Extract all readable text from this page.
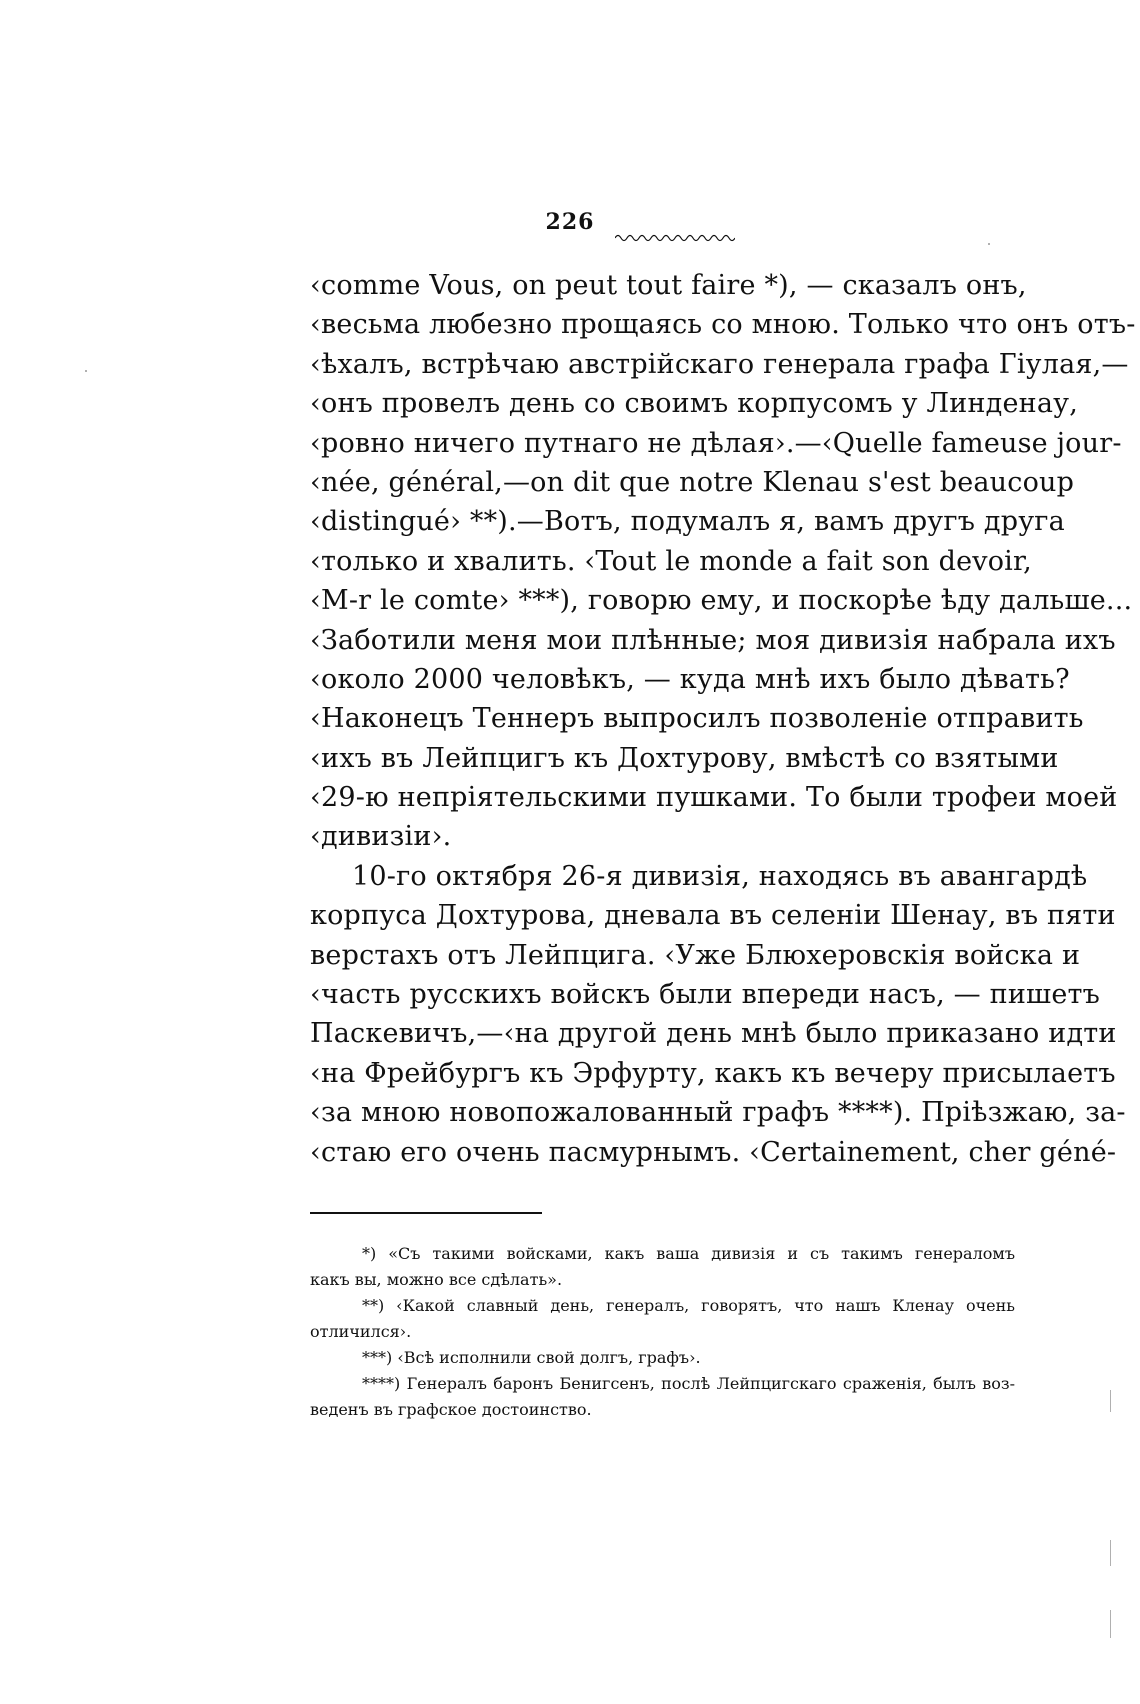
226
‹comme Vous, on peut tout faire *), — сказалъ онъ,
‹весьма любезно прощаясь со мною. Только что онъ отъ-
‹ѣхалъ, встрѣчаю австрійскаго генерала графа Гіулая,—
‹онъ провелъ день со своимъ корпусомъ у Линденау,
‹ровно ничего путнаго не дѣлая›.—‹Quelle fameuse jour-
‹née, général,—on dit que notre Klenau s'est beaucoup
‹distingué› **).—Вотъ, подумалъ я, вамъ другъ друга
‹только и хвалить. ‹Tout le monde a fait son devoir,
‹M-r le comte› ***), говорю ему, и поскорѣе ѣду дальше...
‹Заботили меня мои плѣнные; моя дивизія набрала ихъ
‹около 2000 человѣкъ, — куда мнѣ ихъ было дѣвать?
‹Наконецъ Теннеръ выпросилъ позволеніе отправить
‹ихъ въ Лейпцигъ къ Дохтурову, вмѣстѣ со взятыми
‹29-ю непріятельскими пушками. То были трофеи моей
‹дивизіи›.
10-го октября 26-я дивизія, находясь въ авангардѣ
корпуса Дохтурова, дневала въ селеніи Шенау, въ пяти
верстахъ отъ Лейпцига. ‹Уже Блюхеровскія войска и
‹часть русскихъ войскъ были впереди насъ, — пишетъ
Паскевичъ,—‹на другой день мнѣ было приказано идти
‹на Фрейбургъ къ Эрфурту, какъ къ вечеру присылаетъ
‹за мною новопожалованный графъ ****). Пріѣзжаю, за-
‹стаю его очень пасмурнымъ. ‹Certainement, cher géné-
*) «Съ такими войсками, какъ ваша дивизія и съ такимъ генераломъ
какъ вы, можно все сдѣлать».
**) ‹Какой славный день, генералъ, говорятъ, что нашъ Кленау очень
отличился›.
***) ‹Всѣ исполнили свой долгъ, графъ›.
****) Генералъ баронъ Бенигсенъ, послѣ Лейпцигскаго сраженія, былъ воз-
веденъ въ графское достоинство.
